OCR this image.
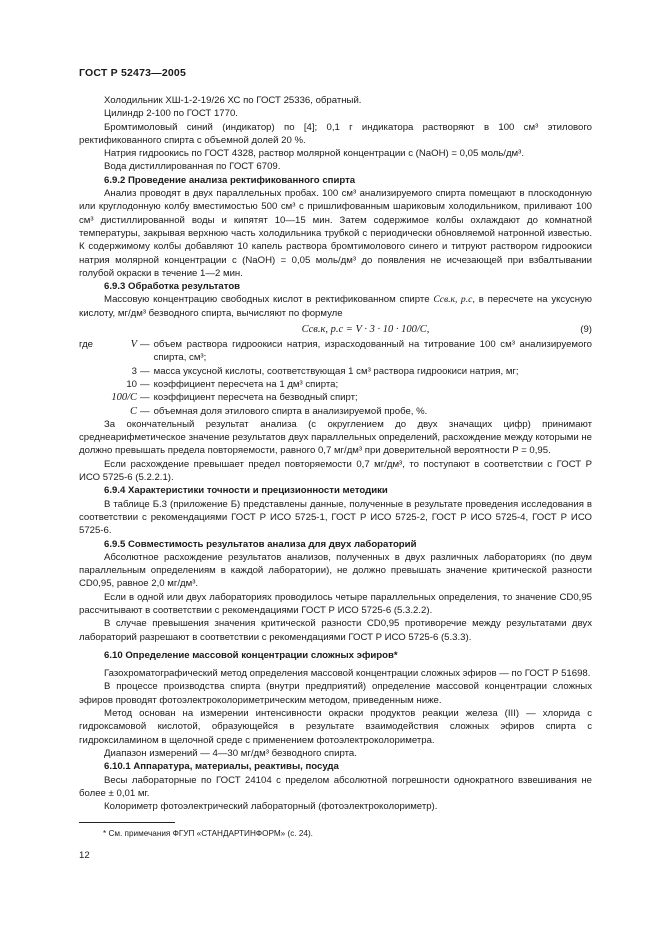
ГОСТ Р 52473—2005

Холодильник ХШ-1-2-19/26 ХС по ГОСТ 25336, обратный.

Цилиндр 2-100 по ГОСТ 1770.

Бромтимоловый синий (индикатор) по [4]; 0,1 г индикатора растворяют в 100 см³ этилового ректификованного спирта с объемной долей 20 %.

Натрия гидроокись по ГОСТ 4328, раствор молярной концентрации с (NaOH) = 0,05 моль/дм³.

Вода дистиллированная по ГОСТ 6709.

6.9.2 Проведение анализа ректификованного спирта

Анализ проводят в двух параллельных пробах. 100 см³ анализируемого спирта помещают в плоскодонную или круглодонную колбу вместимостью 500 см³ с пришлифованным шариковым холодильником, приливают 100 см³ дистиллированной воды и кипятят 10—15 мин. Затем содержимое колбы охлаждают до комнатной температуры, закрывая верхнюю часть холодильника трубкой с периодически обновляемой натронной известью. К содержимому колбы добавляют 10 капель раствора бромтимолового синего и титруют раствором гидроокиси натрия молярной концентрации с (NaOH) = 0,05 моль/дм³ до появления не исчезающей при взбалтывании голубой окраски в течение 1—2 мин.

6.9.3 Обработка результатов

Массовую концентрацию свободных кислот в ректификованном спирте Cсв.к, р.с, в пересчете на уксусную кислоту, мг/дм³ безводного спирта, вычисляют по формуле

Cсв.к, р.с = V · 3 · 10 · 100/C,	(9)
где	V — объем раствора гидроокиси натрия, израсходованный на титрование 100 см³ анализируемого спирта, см³;
3 — масса уксусной кислоты, соответствующая 1 см³ раствора гидроокиси натрия, мг;
10 — коэффициент пересчета на 1 дм³ спирта;
100/C — коэффициент пересчета на безводный спирт;
C — объемная доля этилового спирта в анализируемой пробе, %.

За окончательный результат анализа (с округлением до двух значащих цифр) принимают среднеарифметическое значение результатов двух параллельных определений, расхождение между которыми не должно превышать предела повторяемости, равного 0,7 мг/дм³ при доверительной вероятности P = 0,95.

Если расхождение превышает предел повторяемости 0,7 мг/дм³, то поступают в соответствии с ГОСТ Р ИСО 5725-6 (5.2.2.1).

6.9.4 Характеристики точности и прецизионности методики

В таблице Б.3 (приложение Б) представлены данные, полученные в результате проведения исследования в соответствии с рекомендациями ГОСТ Р ИСО 5725-1, ГОСТ Р ИСО 5725-2, ГОСТ Р ИСО 5725-4, ГОСТ Р ИСО 5725-6.

6.9.5 Совместимость результатов анализа для двух лабораторий

Абсолютное расхождение результатов анализов, полученных в двух различных лабораториях (по двум параллельным определениям в каждой лаборатории), не должно превышать значение критической разности CD0,95, равное 2,0 мг/дм³.

Если в одной или двух лабораториях проводилось четыре параллельных определения, то значение CD0,95 рассчитывают в соответствии с рекомендациями ГОСТ Р ИСО 5725-6 (5.3.2.2).

В случае превышения значения критической разности CD0,95 противоречие между результатами двух лабораторий разрешают в соответствии с рекомендациями ГОСТ Р ИСО 5725-6 (5.3.3).

6.10 Определение массовой концентрации сложных эфиров*

Газохроматографический метод определения массовой концентрации сложных эфиров — по ГОСТ Р 51698.

В процессе производства спирта (внутри предприятий) определение массовой концентрации сложных эфиров проводят фотоэлектроколориметрическим методом, приведенным ниже.

Метод основан на измерении интенсивности окраски продуктов реакции железа (III) — хлорида с гидроксамовой кислотой, образующейся в результате взаимодействия сложных эфиров спирта с гидроксиламином в щелочной среде с применением фотоэлектроколориметра.

Диапазон измерений — 4—30 мг/дм³ безводного спирта.

6.10.1 Аппаратура, материалы, реактивы, посуда

Весы лабораторные по ГОСТ 24104 с пределом абсолютной погрешности однократного взвешивания не более ± 0,01 мг.

Колориметр фотоэлектрический лабораторный (фотоэлектроколориметр).

* См. примечания ФГУП «СТАНДАРТИНФОРМ» (с. 24).
12
